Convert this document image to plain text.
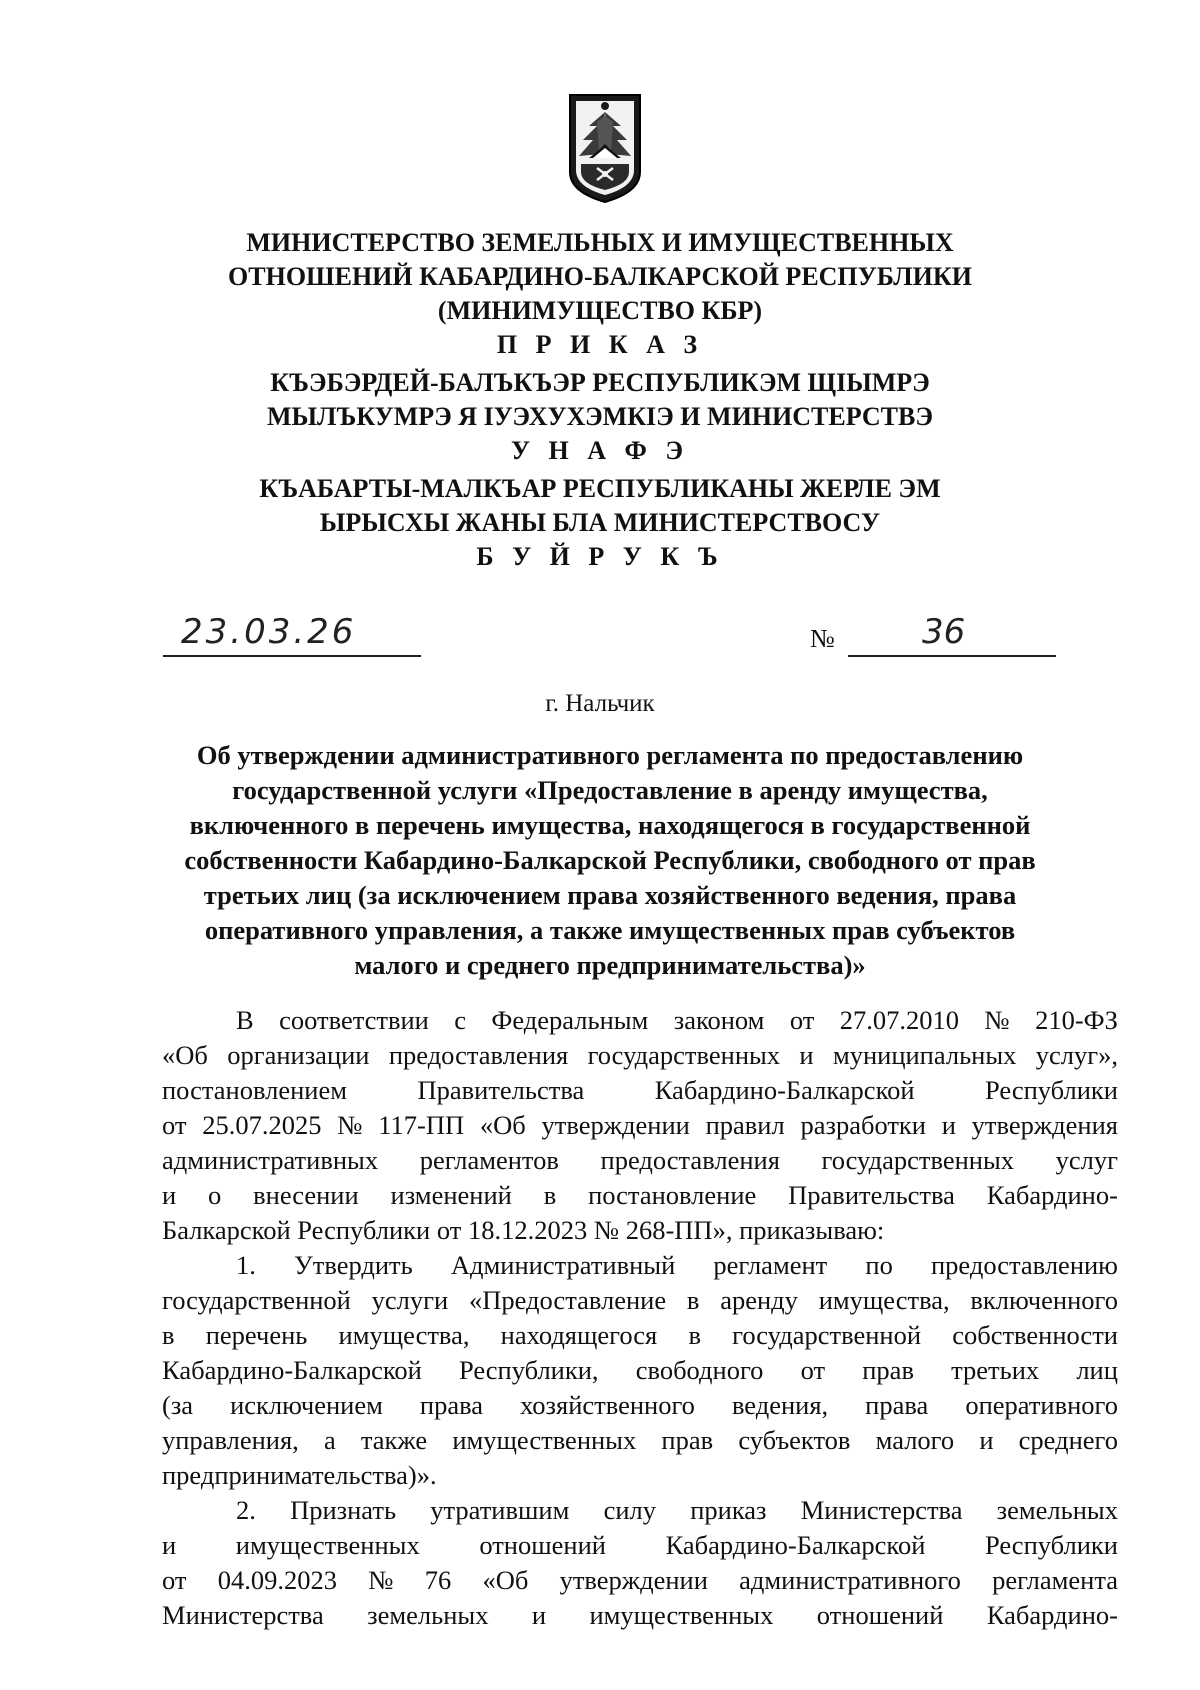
МИНИСТЕРСТВО ЗЕМЕЛЬНЫХ И ИМУЩЕСТВЕННЫХ
ОТНОШЕНИЙ КАБАРДИНО-БАЛКАРСКОЙ РЕСПУБЛИКИ
(МИНИМУЩЕСТВО КБР)
П Р И К А З
КЪЭБЭРДЕЙ-БАЛЪКЪЭР РЕСПУБЛИКЭМ ЩIЫМРЭ
МЫЛЪКУМРЭ Я IУЭХУХЭМКIЭ И МИНИСТЕРСТВЭ
У Н А Ф Э
КЪАБАРТЫ-МАЛКЪАР РЕСПУБЛИКАНЫ ЖЕРЛЕ ЭМ
ЫРЫСХЫ ЖАНЫ БЛА МИНИСТЕРСТВОСУ
Б У Й Р У К Ъ
23.03.26	№	36
г. Нальчик
Об утверждении административного регламента по предоставлению
государственной услуги «Предоставление в аренду имущества,
включенного в перечень имущества, находящегося в государственной
собственности Кабардино-Балкарской Республики, свободного от прав
третьих лиц (за исключением права хозяйственного ведения, права
оперативного управления, а также имущественных прав субъектов
малого и среднего предпринимательства)»
В соответствии с Федеральным законом от 27.07.2010 № 210-ФЗ
«Об организации предоставления государственных и муниципальных услуг»,
постановлением	Правительства	Кабардино-Балкарской	Республики
от 25.07.2025 № 117-ПП «Об утверждении правил разработки и утверждения
административных регламентов предоставления государственных услуг
и о внесении изменений в постановление Правительства Кабардино-
Балкарской Республики от 18.12.2023 № 268-ПП», приказываю:
1. Утвердить Административный регламент по предоставлению
государственной услуги «Предоставление в аренду имущества, включенного
в перечень имущества, находящегося в государственной собственности
Кабардино-Балкарской Республики, свободного от прав третьих лиц
(за исключением права хозяйственного ведения, права оперативного
управления, а также имущественных прав субъектов малого и среднего
предпринимательства)».
2. Признать утратившим силу приказ Министерства земельных
и имущественных отношений Кабардино-Балкарской Республики
от 04.09.2023 № 76 «Об утверждении административного регламента
Министерства земельных и имущественных отношений Кабардино-
